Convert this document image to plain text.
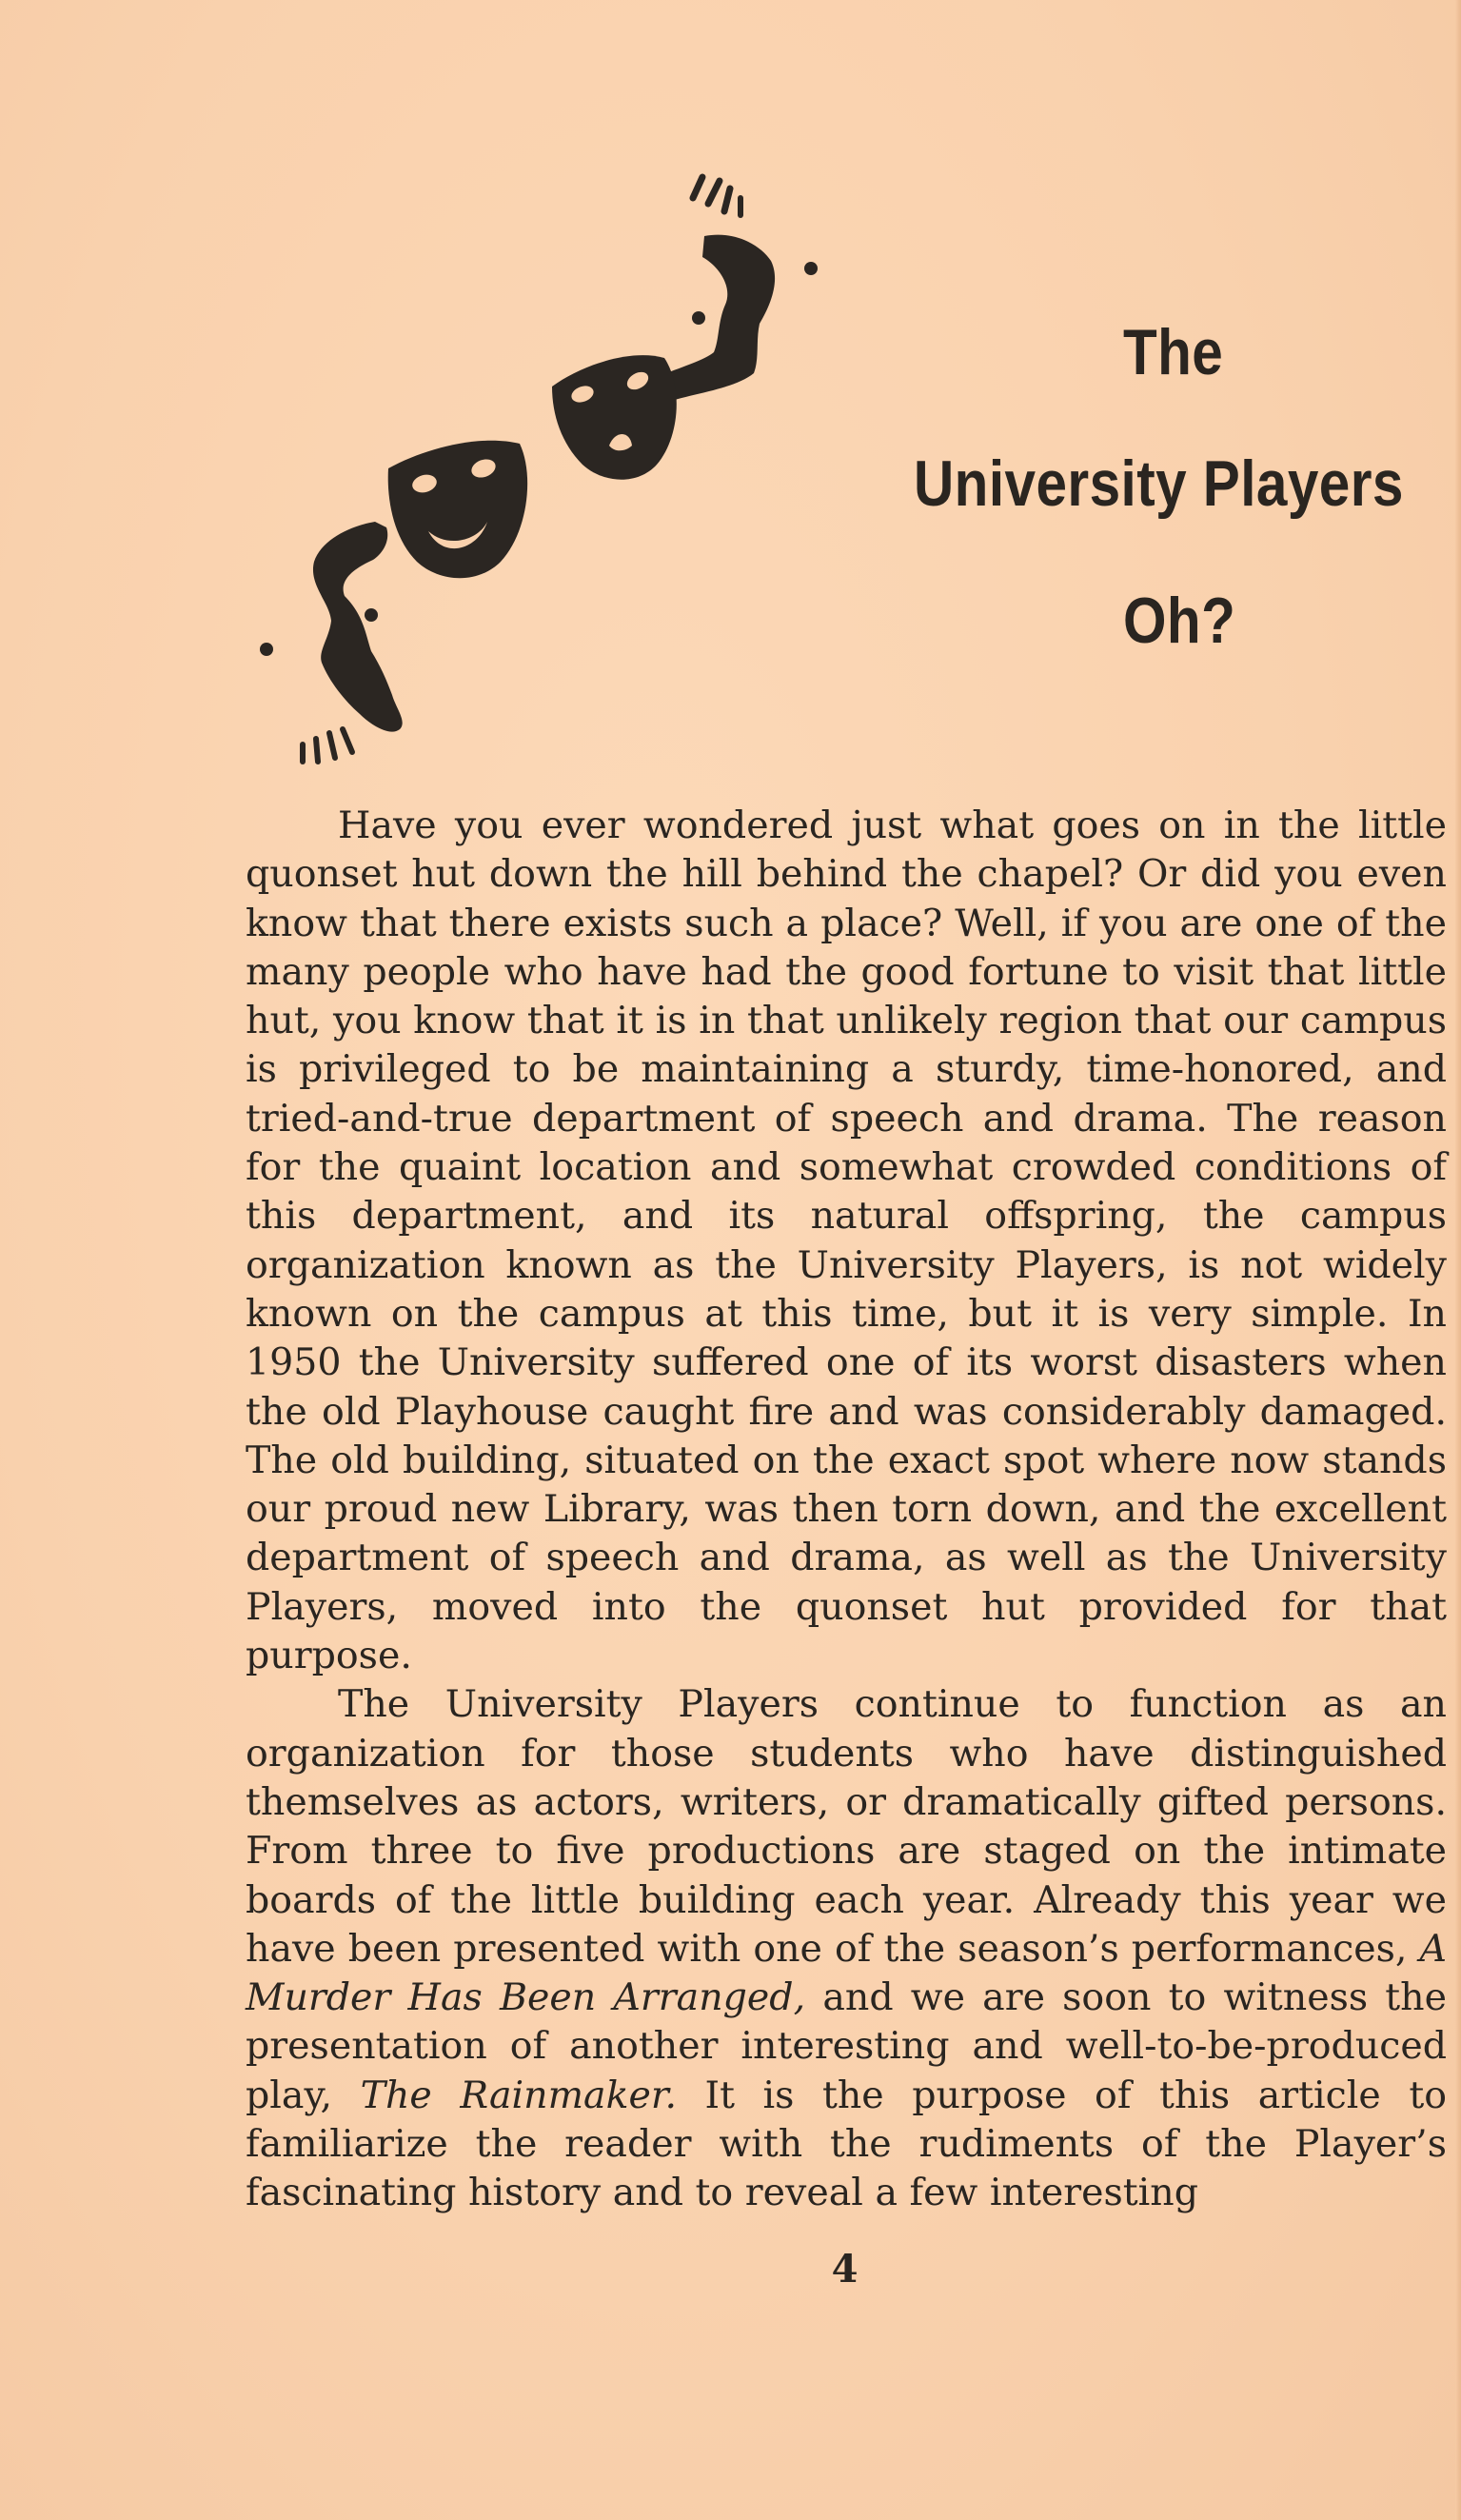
The
University Players
Oh?

Have you ever wondered just what goes on in the little quonset hut down the hill behind the chapel? Or did you even know that there exists such a place? Well, if you are one of the many people who have had the good fortune to visit that little hut, you know that it is in that unlikely region that our campus is privileged to be maintaining a sturdy, time-honored, and tried-and-true department of speech and drama. The reason for the quaint location and somewhat crowded conditions of this department, and its natural offspring, the campus organization known as the University Players, is not widely known on the campus at this time, but it is very simple. In 1950 the University suffered one of its worst disasters when the old Playhouse caught fire and was considerably damaged. The old building, situated on the exact spot where now stands our proud new Library, was then torn down, and the excellent department of speech and drama, as well as the University Players, moved into the quonset hut provided for that purpose.

The University Players continue to function as an organization for those students who have distinguished themselves as actors, writers, or dramatically gifted persons. From three to five productions are staged on the intimate boards of the little building each year. Already this year we have been presented with one of the season’s performances, A Murder Has Been Arranged, and we are soon to witness the presentation of another interesting and well-to-be-produced play, The Rainmaker. It is the purpose of this article to familiarize the reader with the rudiments of the Player’s fascinating history and to reveal a few interesting

4
